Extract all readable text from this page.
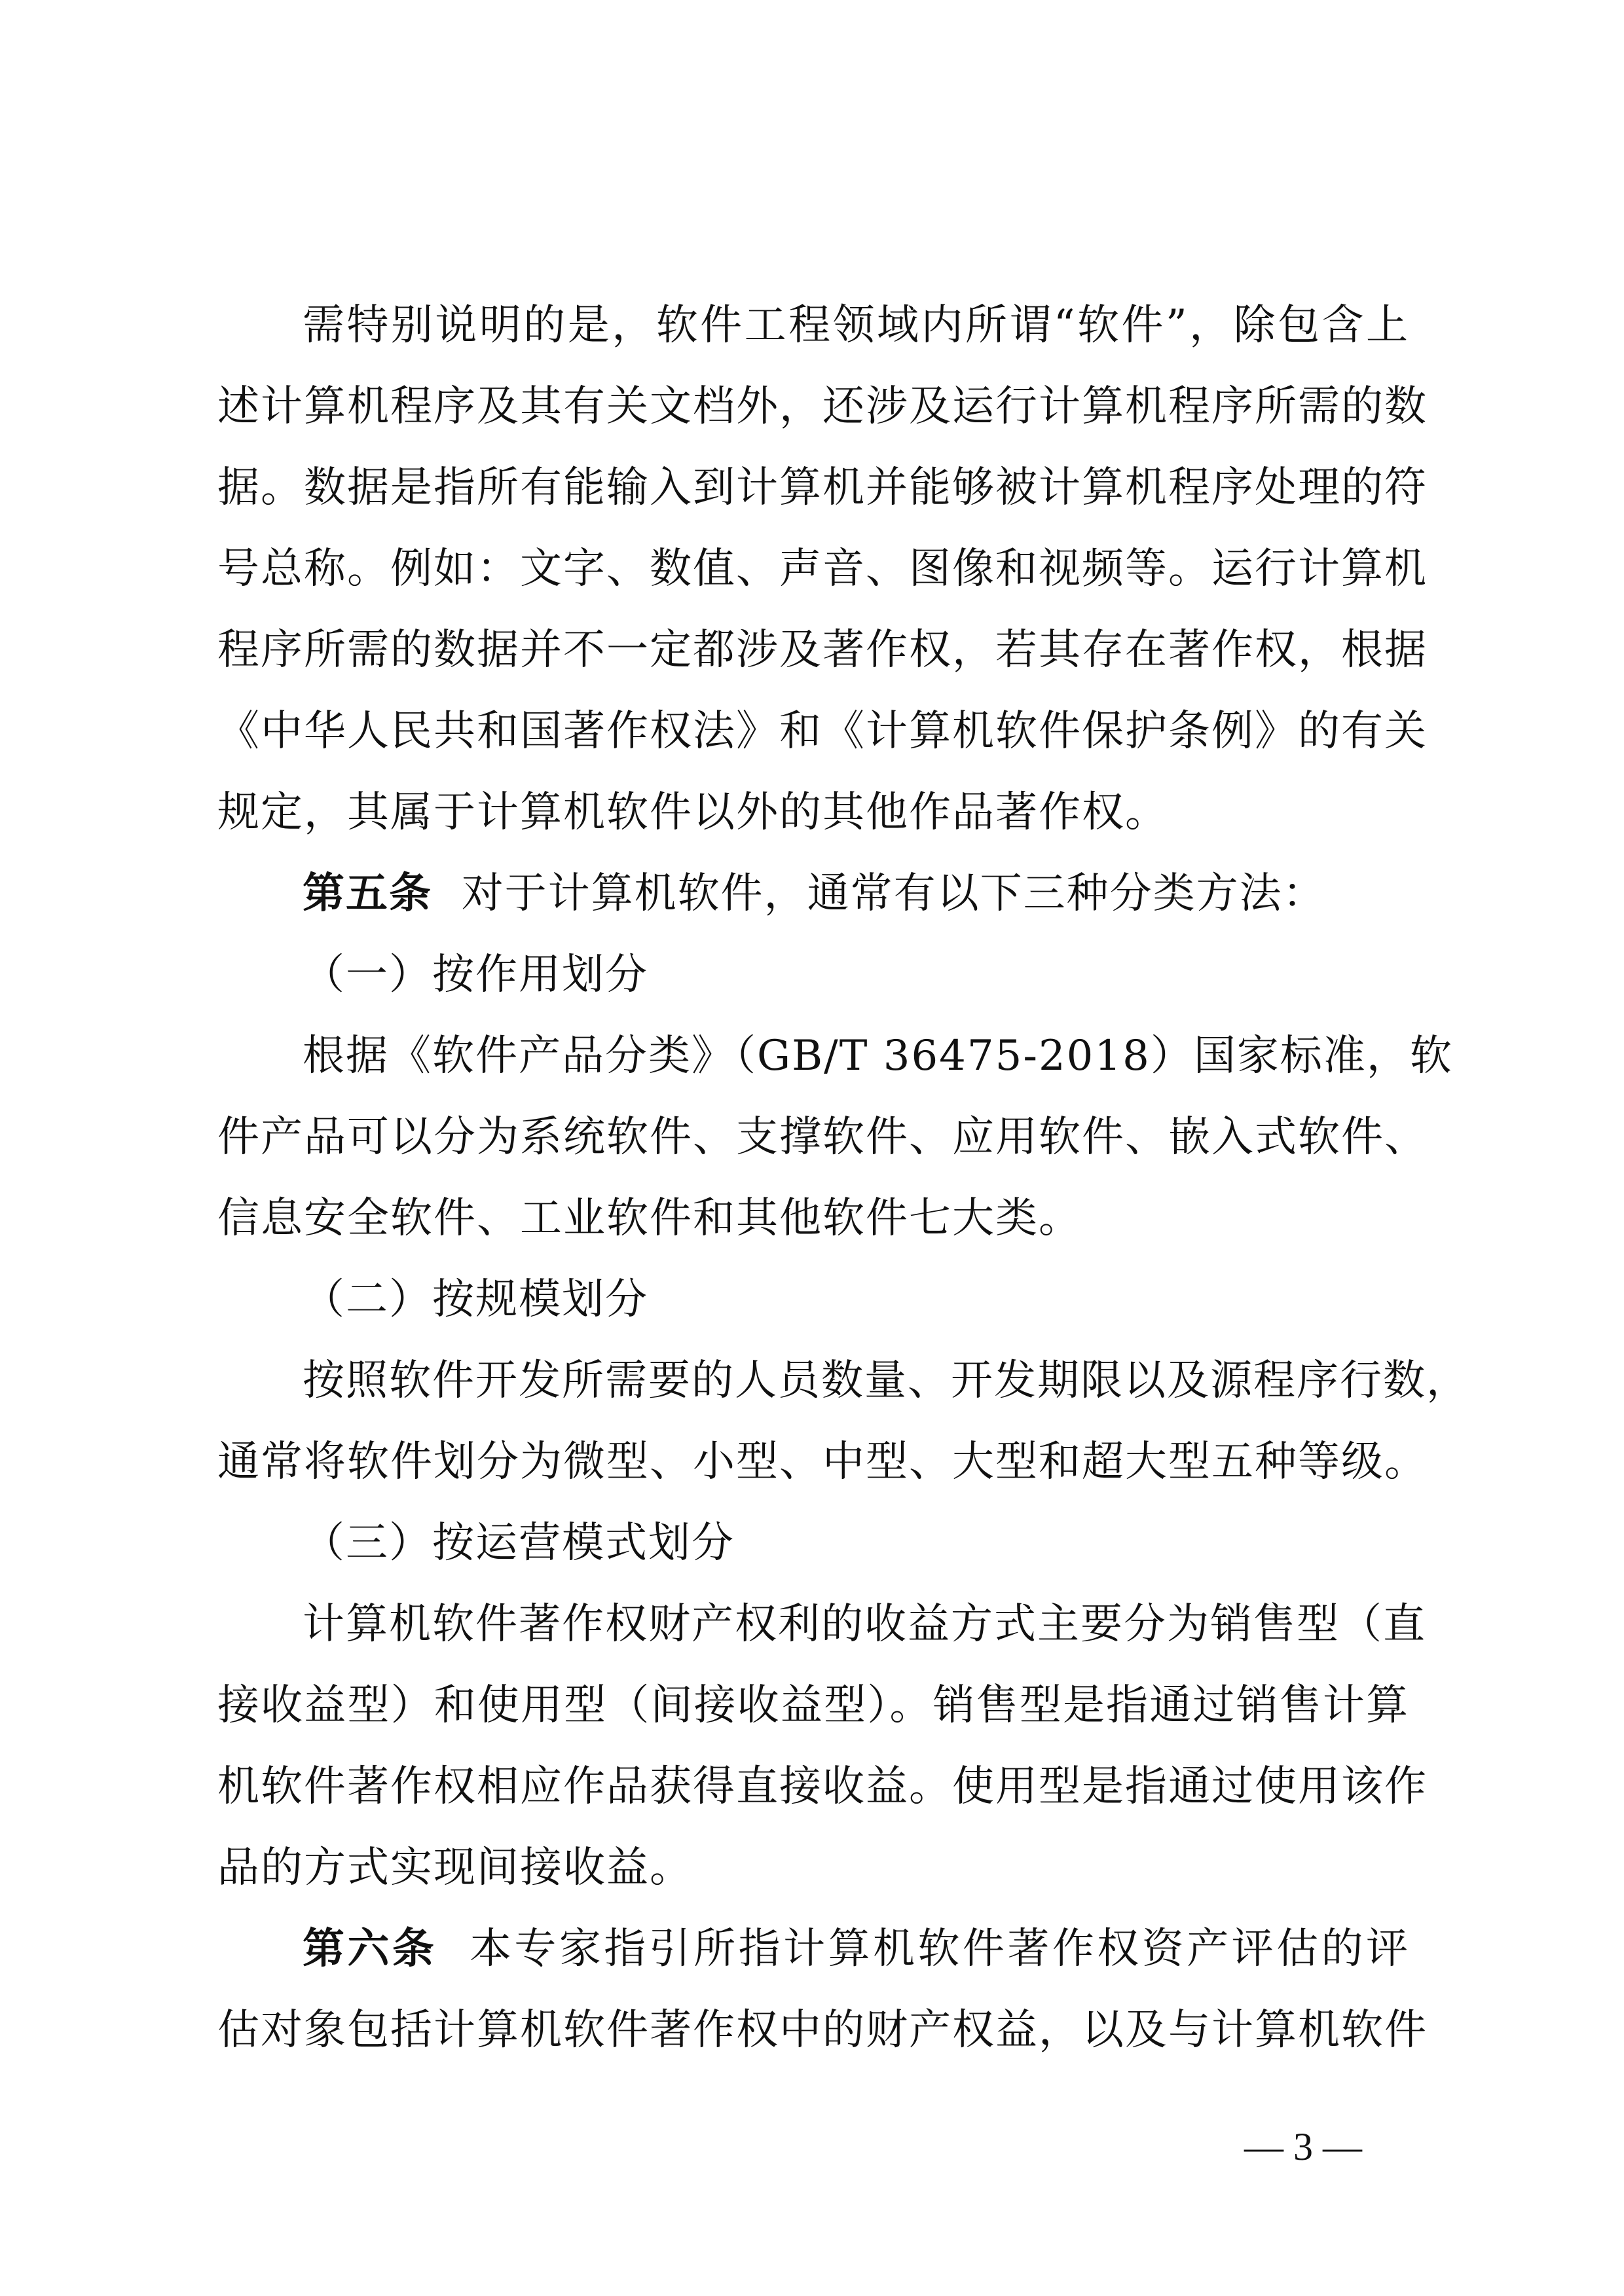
需特别说明的是，软件工程领域内所谓“软件”，除包含上
述计算机程序及其有关文档外，还涉及运行计算机程序所需的数
据。数据是指所有能输入到计算机并能够被计算机程序处理的符
号总称。例如：文字、数值、声音、图像和视频等。运行计算机
程序所需的数据并不一定都涉及著作权，若其存在著作权，根据
《中华人民共和国著作权法》和《计算机软件保护条例》的有关
规定，其属于计算机软件以外的其他作品著作权。
第五条  对于计算机软件，通常有以下三种分类方法：
（一）按作用划分
根据《软件产品分类》（GB/T 36475-2018）国家标准，软
件产品可以分为系统软件、支撑软件、应用软件、嵌入式软件、
信息安全软件、工业软件和其他软件七大类。
（二）按规模划分
按照软件开发所需要的人员数量、开发期限以及源程序行数，
通常将软件划分为微型、小型、中型、大型和超大型五种等级。
（三）按运营模式划分
计算机软件著作权财产权利的收益方式主要分为销售型（直
接收益型）和使用型（间接收益型）。销售型是指通过销售计算
机软件著作权相应作品获得直接收益。使用型是指通过使用该作
品的方式实现间接收益。
第六条  本专家指引所指计算机软件著作权资产评估的评
估对象包括计算机软件著作权中的财产权益，以及与计算机软件
— 3 —
